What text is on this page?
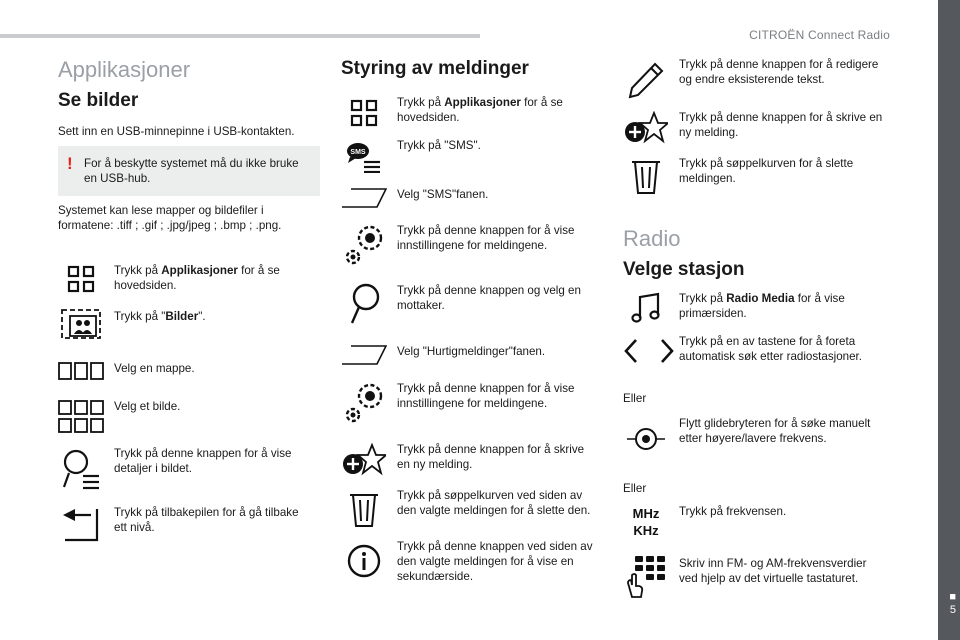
CITROËN Connect Radio
■
5
Applikasjoner
Se bilder
Sett inn en USB-minnepinne i USB-kontakten.
! For å beskytte systemet må du ikke bruke en USB-hub.
Systemet kan lese mapper og bildefiler i formatene: .tiff ; .gif ; .jpg/jpeg ; .bmp ; .png.
Trykk på Applikasjoner for å se hovedsiden.
Trykk på "Bilder".
Velg en mappe.
Velg et bilde.
Trykk på denne knappen for å vise detaljer i bildet.
Trykk på tilbakepilen for å gå tilbake ett nivå.
Styring av meldinger
Trykk på Applikasjoner for å se hovedsiden.
SMS
Trykk på "SMS".
Velg "SMS"fanen.
Trykk på denne knappen for å vise innstillingene for meldingene.
Trykk på denne knappen og velg en mottaker.
Velg "Hurtigmeldinger"fanen.
Trykk på denne knappen for å vise innstillingene for meldingene.
Trykk på denne knappen for å skrive en ny melding.
Trykk på søppelkurven ved siden av den valgte meldingen for å slette den.
Trykk på denne knappen ved siden av den valgte meldingen for å vise en sekundærside.
Trykk på denne knappen for å redigere og endre eksisterende tekst.
Trykk på denne knappen for å skrive en ny melding.
Trykk på søppelkurven for å slette meldingen.
Radio
Velge stasjon
Trykk på Radio Media for å vise primærsiden.
Trykk på en av tastene for å foreta automatisk søk etter radiostasjoner.
Eller
Flytt glidebryteren for å søke manuelt etter høyere/lavere frekvens.
Eller
MHz
KHz
Trykk på frekvensen.
Skriv inn FM- og AM-frekvensverdier ved hjelp av det virtuelle tastaturet.
